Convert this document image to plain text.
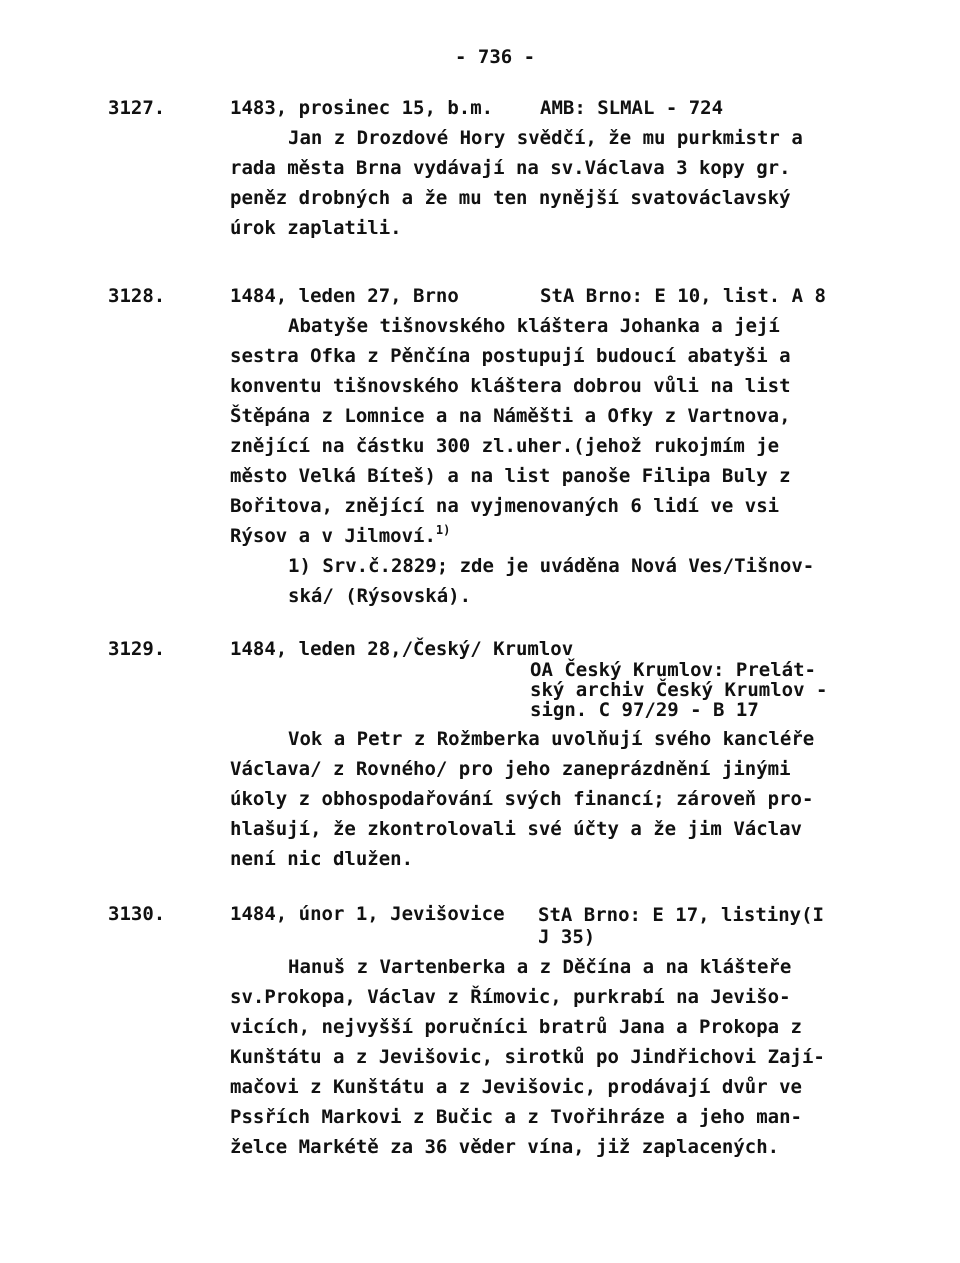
- 736 -
3127.	1483, prosinec 15, b.m. AMB: SLMAL - 724
Jan z Drozdové Hory svědčí, že mu purkmistr a
rada města Brna vydávají na sv.Václava 3 kopy gr.
peněz drobných a že mu ten nynější svatováclavský
úrok zaplatili.
3128.	1484, leden 27, Brno	StA Brno: E 10, list. A 8
Abatyše tišnovského kláštera Johanka a její
sestra Ofka z Pěnčína postupují budoucí abatyši a
konventu tišnovského kláštera dobrou vůli na list
Štěpána z Lomnice a na Náměšti a Ofky z Vartnova,
znějící na částku 300 zl.uher.(jehož rukojmím je
město Velká Bíteš) a na list panoše Filipa Buly z
Bořitova, znějící na vyjmenovaných 6 lidí ve vsi
Rýsov a v Jilmoví.$^{1)}$
1) Srv.č.2829; zde je uváděna Nová Ves/Tišnov-
ská/ (Rýsovská).
3129.	1484, leden 28,/Český/ Krumlov
OA Český Krumlov: Prelát-
ský archiv Český Krumlov -
sign. C 97/29 - B 17
Vok a Petr z Rožmberka uvolňují svého kancléře
Václava/ z Rovného/ pro jeho zaneprázdnění jinými
úkoly z obhospodařování svých financí; zároveň pro-
hlašují, že zkontrolovali své účty a že jim Václav
není nic dlužen.
3130.	1484, únor 1, Jevišovice StA Brno: E 17, listiny(I
J 35)
Hanuš z Vartenberka a z Děčína a na klášteře
sv.Prokopa, Václav z Římovic, purkrabí na Jevišo-
vicích, nejvyšší poručníci bratrů Jana a Prokopa z
Kunštátu a z Jevišovic, sirotků po Jindřichovi Zají-
mačovi z Kunštátu a z Jevišovic, prodávají dvůr ve
Pssřích Markovi z Bučic a z Tvořihráze a jeho man-
želce Markétě za 36 věder vína, již zaplacených.
